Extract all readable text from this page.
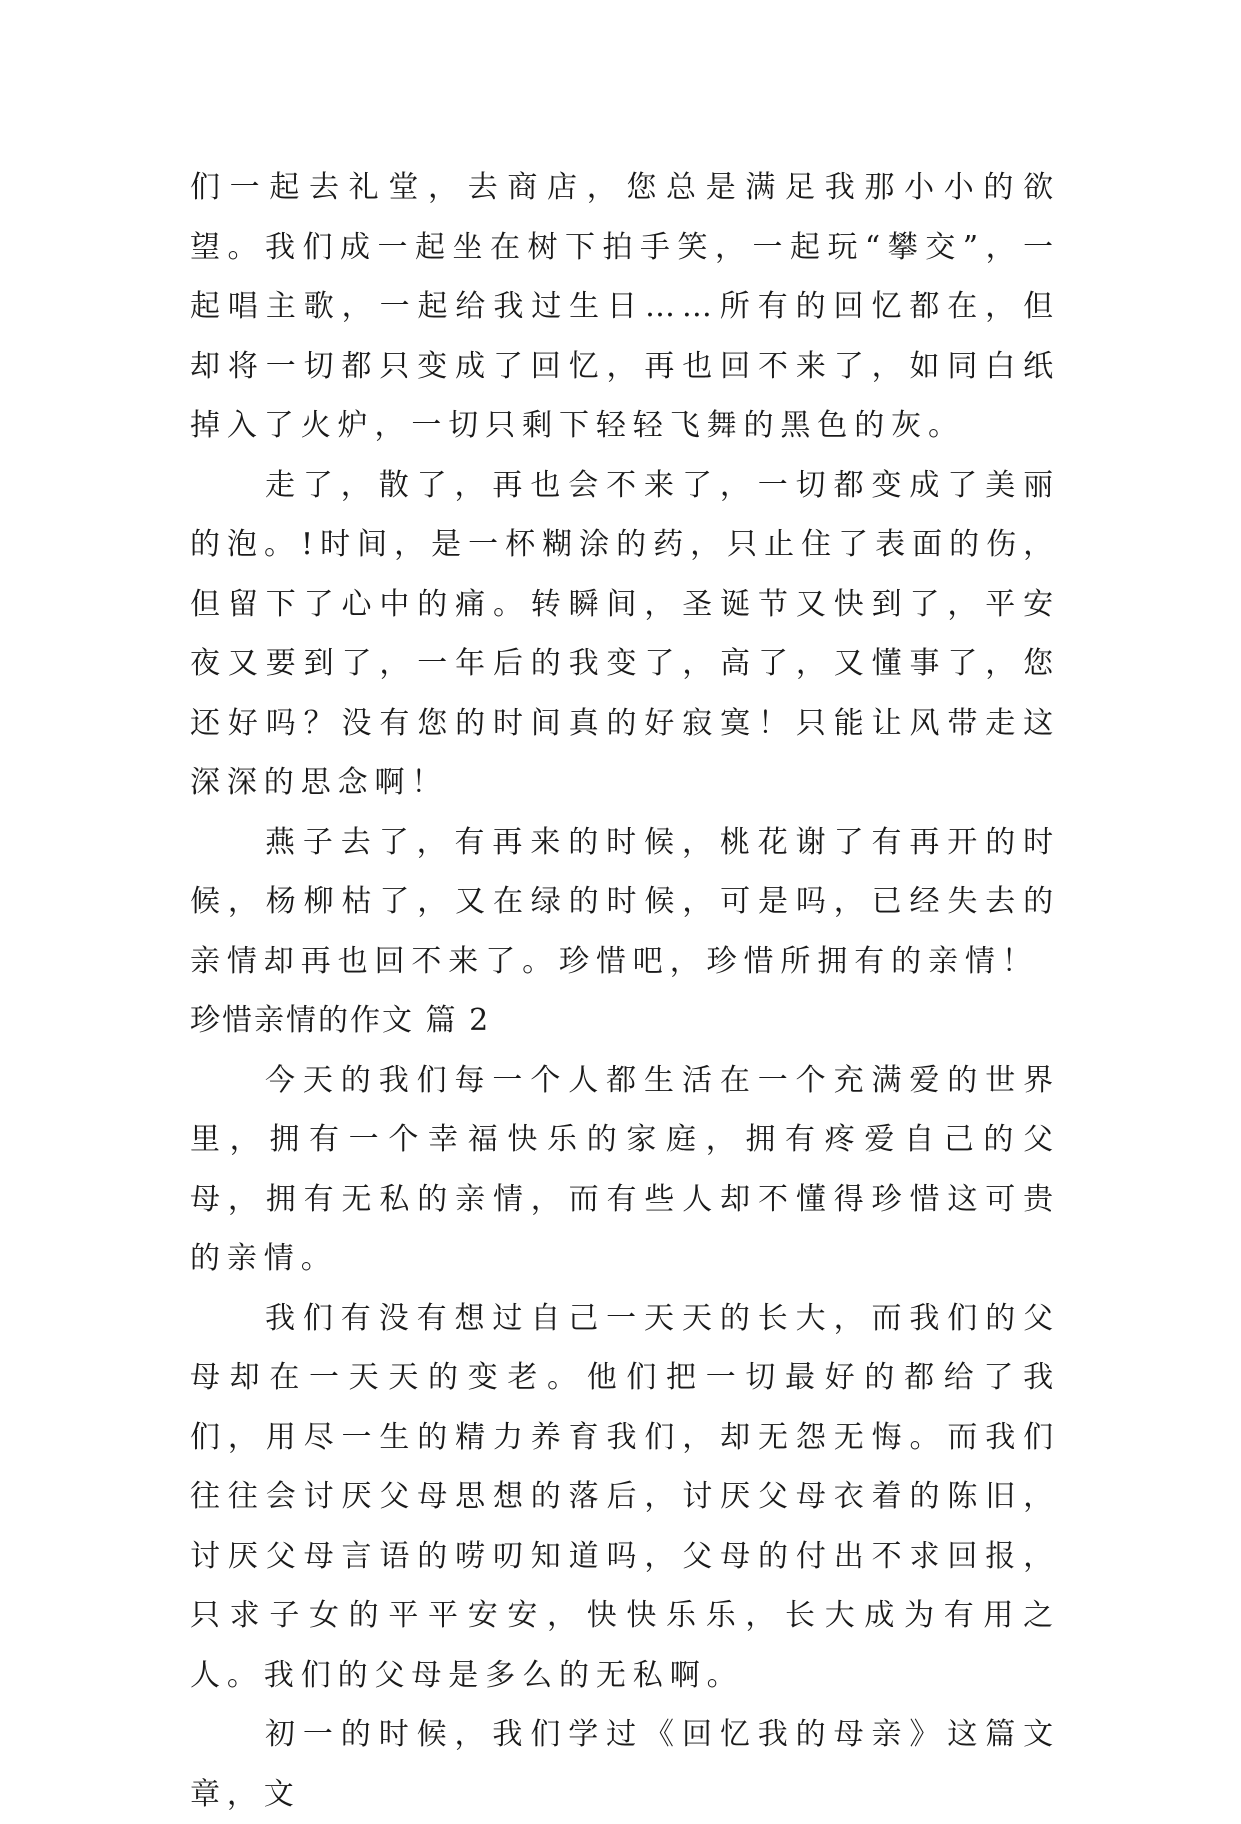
们一起去礼堂，去商店，您总是满足我那小小的欲望。我们成一起坐在树下拍手笑，一起玩“攀交”，一起唱主歌，一起给我过生日……所有的回忆都在，但却将一切都只变成了回忆，再也回不来了，如同白纸掉入了火炉，一切只剩下轻轻飞舞的黑色的灰。

走了，散了，再也会不来了，一切都变成了美丽的泡。!时间，是一杯糊涂的药，只止住了表面的伤，但留下了心中的痛。转瞬间，圣诞节又快到了，平安夜又要到了，一年后的我变了，高了，又懂事了，您还好吗？没有您的时间真的好寂寞！只能让风带走这深深的思念啊！

燕子去了，有再来的时候，桃花谢了有再开的时候，杨柳枯了，又在绿的时候，可是吗，已经失去的亲情却再也回不来了。珍惜吧，珍惜所拥有的亲情！

珍惜亲情的作文 篇 2

今天的我们每一个人都生活在一个充满爱的世界里，拥有一个幸福快乐的家庭，拥有疼爱自己的父母，拥有无私的亲情，而有些人却不懂得珍惜这可贵的亲情。

我们有没有想过自己一天天的长大，而我们的父母却在一天天的变老。他们把一切最好的都给了我们，用尽一生的精力养育我们，却无怨无悔。而我们往往会讨厌父母思想的落后，讨厌父母衣着的陈旧，讨厌父母言语的唠叨知道吗，父母的付出不求回报，只求子女的平平安安，快快乐乐，长大成为有用之人。我们的父母是多么的无私啊。

初一的时候，我们学过《回忆我的母亲》这篇文章，文
